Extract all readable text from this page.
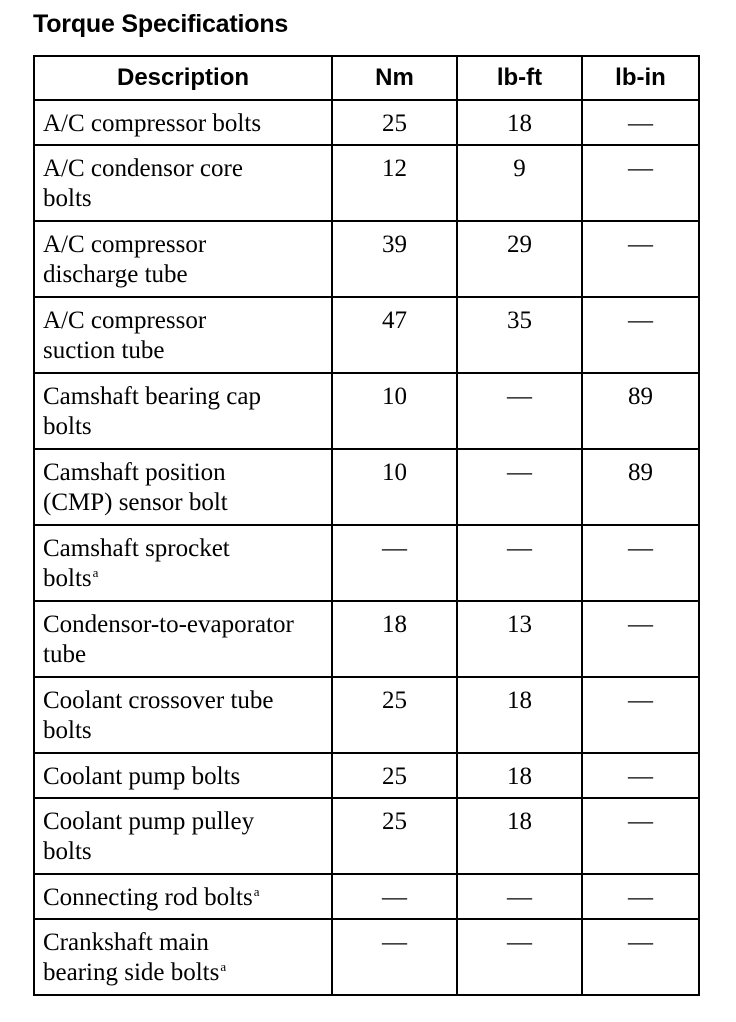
Torque Specifications
Description	Nm	lb-ft	lb-in
A/C compressor bolts	25	18	—
A/C condensor core
bolts	12	9	—
A/C compressor
discharge tube	39	29	—
A/C compressor
suction tube	47	35	—
Camshaft bearing cap
bolts	10	—	89
Camshaft position
(CMP) sensor bolt	10	—	89
Camshaft sprocket
bolts$^a$	—	—	—
Condensor-to-evaporator
tube	18	13	—
Coolant crossover tube
bolts	25	18	—
Coolant pump bolts	25	18	—
Coolant pump pulley
bolts	25	18	—
Connecting rod bolts$^a$	—	—	—
Crankshaft main
bearing side bolts$^a$	—	—	—
